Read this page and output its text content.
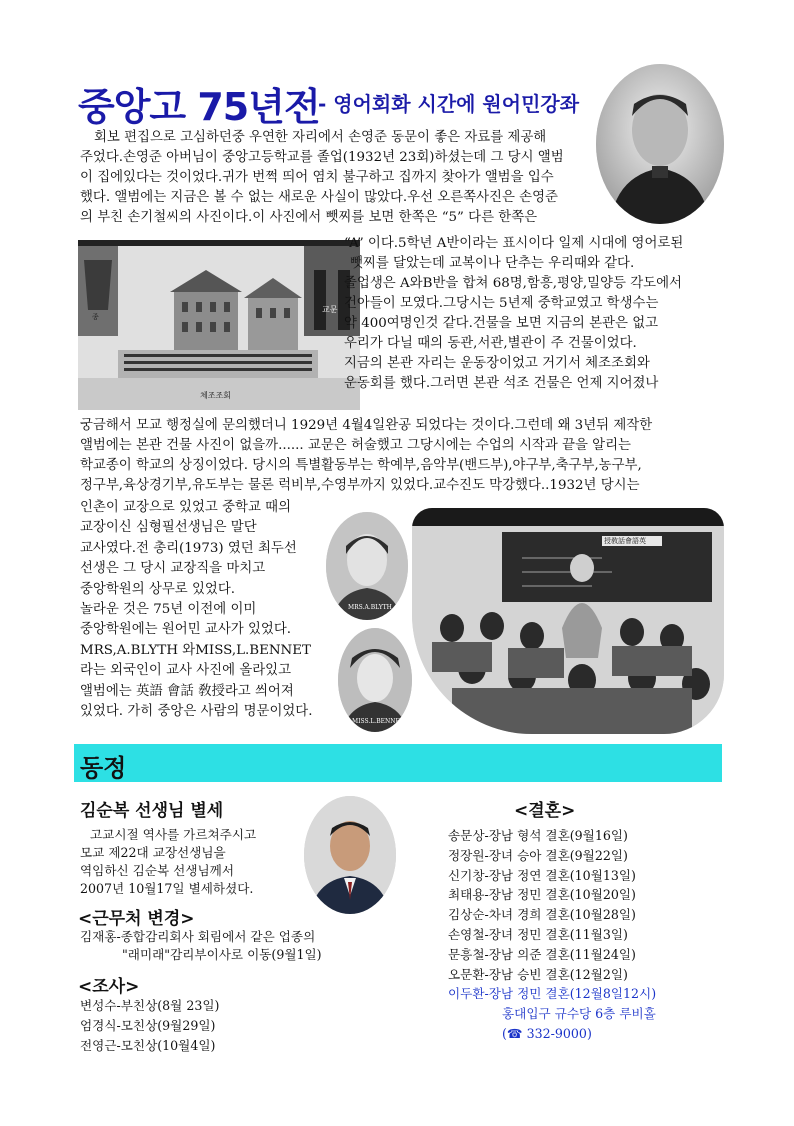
중앙고 75년전
- 영어회화 시간에 원어민강좌
회보 편집으로 고심하던중 우연한 자리에서 손영준 동문이 좋은 자료를 제공해
주었다.손영준 아버님이 중앙고등학교를 졸업(1932년 23회)하셨는데 그 당시 앨범
이 집에있다는 것이었다.귀가 번쩍 띄어 염치 불구하고 집까지 찾아가 앨범을 입수
했다. 앨범에는 지금은 볼 수 없는 새로운 사실이 많았다.우선 오른쪽사진은 손영준
의 부친 손기철씨의 사진이다.이 사진에서 뺏찌를 보면 한쪽은 “5” 다른 한쪽은
종
교문
체조조회
“A” 이다.5학년 A반이라는 표시이다 일제 시대에 영어로된
뺏찌를 달았는데 교복이나 단추는 우리때와 같다.
졸업생은 A와B반을 합쳐 68명,함흥,평양,밀양등 각도에서
건아들이 모였다.그당시는 5년제 중학교였고 학생수는
약 400여명인것 같다.건물을 보면 지금의 본관은 없고
우리가 다닐 때의 동관,서관,별관이 주 건물이었다.
지금의 본관 자리는 운동장이었고 거기서 체조조회와
운동회를 했다.그러면 본관 석조 건물은 언제 지어졌나
궁금해서 모교 행정실에 문의했더니 1929년 4월4일완공 되었다는 것이다.그런데 왜 3년뒤 제작한
앨범에는 본관 건물 사진이 없을까...... 교문은 허술했고 그당시에는 수업의 시작과 끝을 알리는
학교종이 학교의 상징이었다. 당시의 특별활동부는 학예부,음악부(밴드부),야구부,축구부,농구부,
정구부,육상경기부,유도부는 물론 럭비부,수영부까지 있었다.교수진도 막강했다..1932년 당시는
인촌이 교장으로 있었고 중학교 때의
교장이신 심형필선생님은 말단
교사였다.전 총리(1973) 였던 최두선
선생은 그 당시 교장직을 마치고
중앙학원의 상무로 있었다.
놀라운 것은 75년 이전에 이미
중앙학원에는 원어민 교사가 있었다.
MRS,A.BLYTH 와MISS,L.BENNET
라는 외국인이 교사 사진에 올라있고
앨범에는 英語 會話 敎授라고 씌어져
있었다. 가히 중앙은 사람의 명문이었다.
MRS.A.BLYTH
MISS.L.BENNET
授敎話會語英
동정
김순복 선생님 별세
고교시절 역사를 가르쳐주시고
모교 제22대 교장선생님을
역임하신 김순복 선생님께서
2007년 10월17일 별세하셨다.
<근무처 변경>
김재홍-종합감리회사 회림에서 같은 업종의
"래미래"감리부이사로 이동(9월1일)
<조사>
변성수-부친상(8월 23일)
엄경식-모친상(9월29일)
전영근-모친상(10월4일)
<결혼>
송문상-장남 형석 결혼(9월16일)
정장원-장녀 승아 결혼(9월22일)
신기창-장남 정연 결혼(10월13일)
최태용-장남 정민 결혼(10월20일)
김상순-차녀 경희 결혼(10월28일)
손영철-장녀 정민 결혼(11월3일)
문흥철-장남 의준 결혼(11월24일)
오문환-장남 승빈 결혼(12월2일)
이두환-장남 정민 결혼(12월8일12시)
홍대입구 규수당 6층 루비홀
(☎ 332-9000)
